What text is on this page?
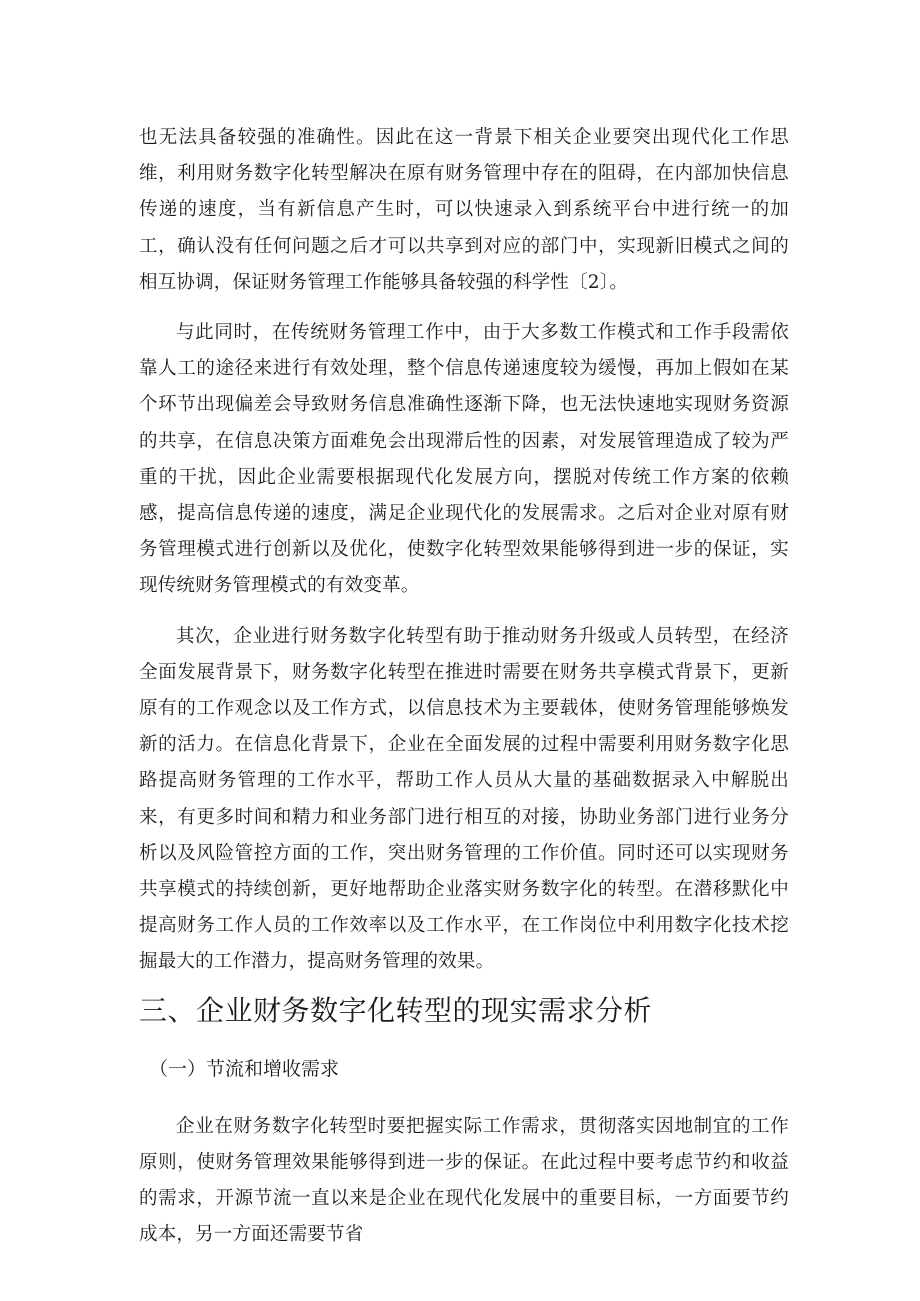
也无法具备较强的准确性。因此在这一背景下相关企业要突出现代化工作思维，利用财务数字化转型解决在原有财务管理中存在的阻碍，在内部加快信息传递的速度，当有新信息产生时，可以快速录入到系统平台中进行统一的加工，确认没有任何问题之后才可以共享到对应的部门中，实现新旧模式之间的相互协调，保证财务管理工作能够具备较强的科学性〔2〕。

与此同时，在传统财务管理工作中，由于大多数工作模式和工作手段需依靠人工的途径来进行有效处理，整个信息传递速度较为缓慢，再加上假如在某个环节出现偏差会导致财务信息准确性逐渐下降，也无法快速地实现财务资源的共享，在信息决策方面难免会出现滞后性的因素，对发展管理造成了较为严重的干扰，因此企业需要根据现代化发展方向，摆脱对传统工作方案的依赖感，提高信息传递的速度，满足企业现代化的发展需求。之后对企业对原有财务管理模式进行创新以及优化，使数字化转型效果能够得到进一步的保证，实现传统财务管理模式的有效变革。

其次，企业进行财务数字化转型有助于推动财务升级或人员转型，在经济全面发展背景下，财务数字化转型在推进时需要在财务共享模式背景下，更新原有的工作观念以及工作方式，以信息技术为主要载体，使财务管理能够焕发新的活力。在信息化背景下，企业在全面发展的过程中需要利用财务数字化思路提高财务管理的工作水平，帮助工作人员从大量的基础数据录入中解脱出来，有更多时间和精力和业务部门进行相互的对接，协助业务部门进行业务分析以及风险管控方面的工作，突出财务管理的工作价值。同时还可以实现财务共享模式的持续创新，更好地帮助企业落实财务数字化的转型。在潜移默化中提高财务工作人员的工作效率以及工作水平，在工作岗位中利用数字化技术挖掘最大的工作潜力，提高财务管理的效果。

三、企业财务数字化转型的现实需求分析
（一）节流和增收需求

企业在财务数字化转型时要把握实际工作需求，贯彻落实因地制宜的工作原则，使财务管理效果能够得到进一步的保证。在此过程中要考虑节约和收益的需求，开源节流一直以来是企业在现代化发展中的重要目标，一方面要节约成本，另一方面还需要节省
